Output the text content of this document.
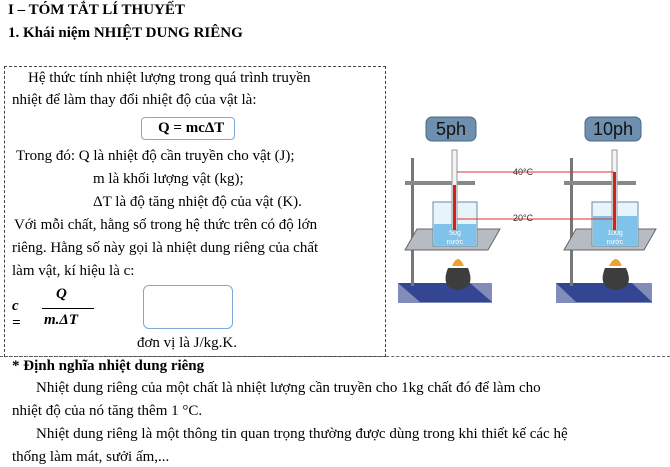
I – TÓM TẮT LÍ THUYẾT
1. Khái niệm NHIỆT DUNG RIÊNG
Hệ thức tính nhiệt lượng trong quá trình truyền
nhiệt để làm thay đổi nhiệt độ của vật là:
Q = mcΔT
Trong đó: Q là nhiệt độ cần truyền cho vật (J);
m là khối lượng vật (kg);
ΔT là độ tăng nhiệt độ của vật (K).
Với mỗi chất, hằng số trong hệ thức trên có độ lớn
riêng. Hằng số này gọi là nhiệt dung riêng của chất
làm vật, kí hiệu là c:
c =
Q
m.ΔT
đơn vị là J/kg.K.
* Định nghĩa nhiệt dung riêng
Nhiệt dung riêng của một chất là nhiệt lượng cần truyền cho 1kg chất đó để làm cho
nhiệt độ của nó tăng thêm 1 °C.
Nhiệt dung riêng là một thông tin quan trọng thường được dùng trong khi thiết kế các hệ
thống làm mát, sưởi ấm,...
5ph	10ph
50g
nước
100g
nước
40°C
20°C
